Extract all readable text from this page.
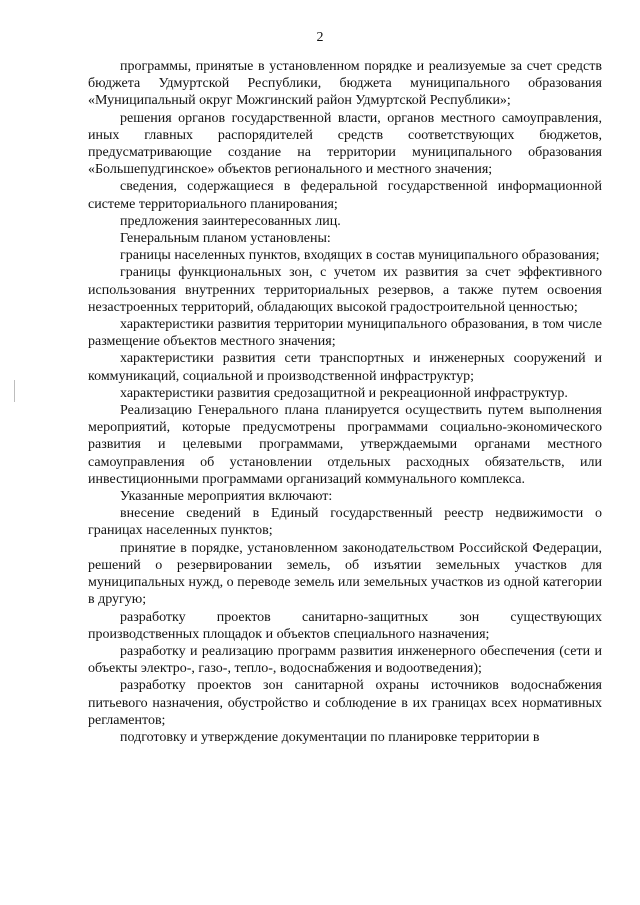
2

программы, принятые в установленном порядке и реализуемые за счет средств бюджета Удмуртской Республики, бюджета муниципального образования «Муниципальный округ Можгинский район Удмуртской Республики»;

решения органов государственной власти, органов местного самоуправления, иных главных распорядителей средств соответствующих бюджетов, предусматривающие создание на территории муниципального образования «Большепудгинское» объектов регионального и местного значения;

сведения, содержащиеся в федеральной государственной информационной системе территориального планирования;

предложения заинтересованных лиц.

Генеральным планом установлены:

границы населенных пунктов, входящих в состав муниципального образования;

границы функциональных зон, с учетом их развития за счет эффективного использования внутренних территориальных резервов, а также путем освоения незастроенных территорий, обладающих высокой градостроительной ценностью;

характеристики развития территории муниципального образования, в том числе размещение объектов местного значения;

характеристики развития сети транспортных и инженерных сооружений и коммуникаций, социальной и производственной инфраструктур;

характеристики развития средозащитной и рекреационной инфраструктур.

Реализацию Генерального плана планируется осуществить путем выполнения мероприятий, которые предусмотрены программами социально-экономического развития и целевыми программами, утверждаемыми органами местного самоуправления об установлении отдельных расходных обязательств, или инвестиционными программами организаций коммунального комплекса.

Указанные мероприятия включают:

внесение сведений в Единый государственный реестр недвижимости о границах населенных пунктов;

принятие в порядке, установленном законодательством Российской Федерации, решений о резервировании земель, об изъятии земельных участков для муниципальных нужд, о переводе земель или земельных участков из одной категории в другую;

разработку проектов санитарно-защитных зон существующих производственных площадок и объектов специального назначения;

разработку и реализацию программ развития инженерного обеспечения (сети и объекты электро-, газо-, тепло-, водоснабжения и водоотведения);

разработку проектов зон санитарной охраны источников водоснабжения питьевого назначения, обустройство и соблюдение в их границах всех нормативных регламентов;

подготовку и утверждение документации по планировке территории в
